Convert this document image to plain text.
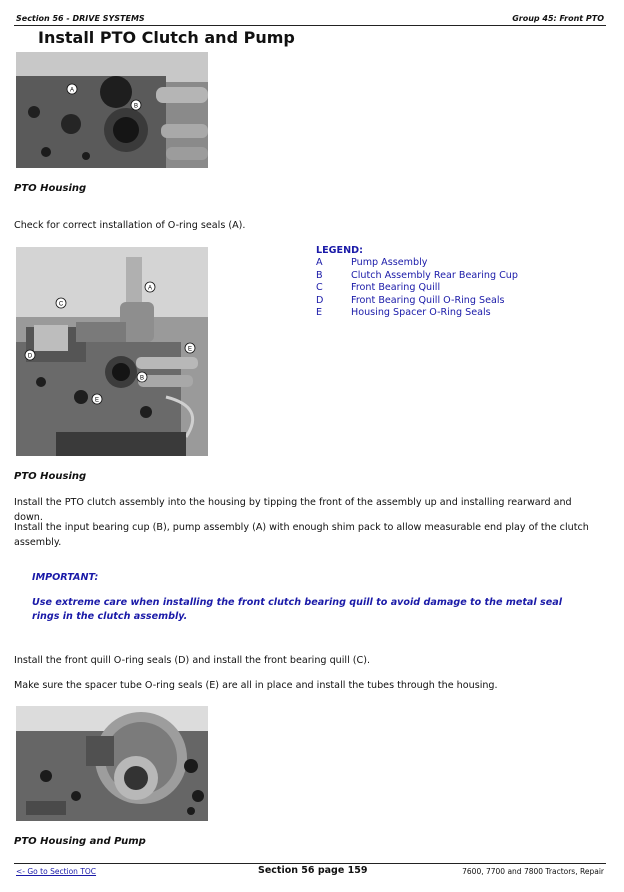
Section 56 - DRIVE SYSTEMS	Group 45: Front PTO
Install PTO Clutch and Pump
A
B
PTO Housing
Check for correct installation of O-ring seals (A).
A
B
C
D
E
E
LEGEND:
A	Pump Assembly
B	Clutch Assembly Rear Bearing Cup
C	Front Bearing Quill
D	Front Bearing Quill O-Ring Seals
E	Housing Spacer O-Ring Seals
PTO Housing
Install the PTO clutch assembly into the housing by tipping the front of the assembly up and installing rearward and down.
Install the input bearing cup (B), pump assembly (A) with enough shim pack to allow measurable end play of the clutch assembly.
IMPORTANT:
Use extreme care when installing the front clutch bearing quill to avoid damage to the metal seal rings in the clutch assembly.
Install the front quill O-ring seals (D) and install the front bearing quill (C).
Make sure the spacer tube O-ring seals (E) are all in place and install the tubes through the housing.
PTO Housing and Pump
<- Go to Section TOC	Section 56 page 159	7600, 7700 and 7800 Tractors, Repair
